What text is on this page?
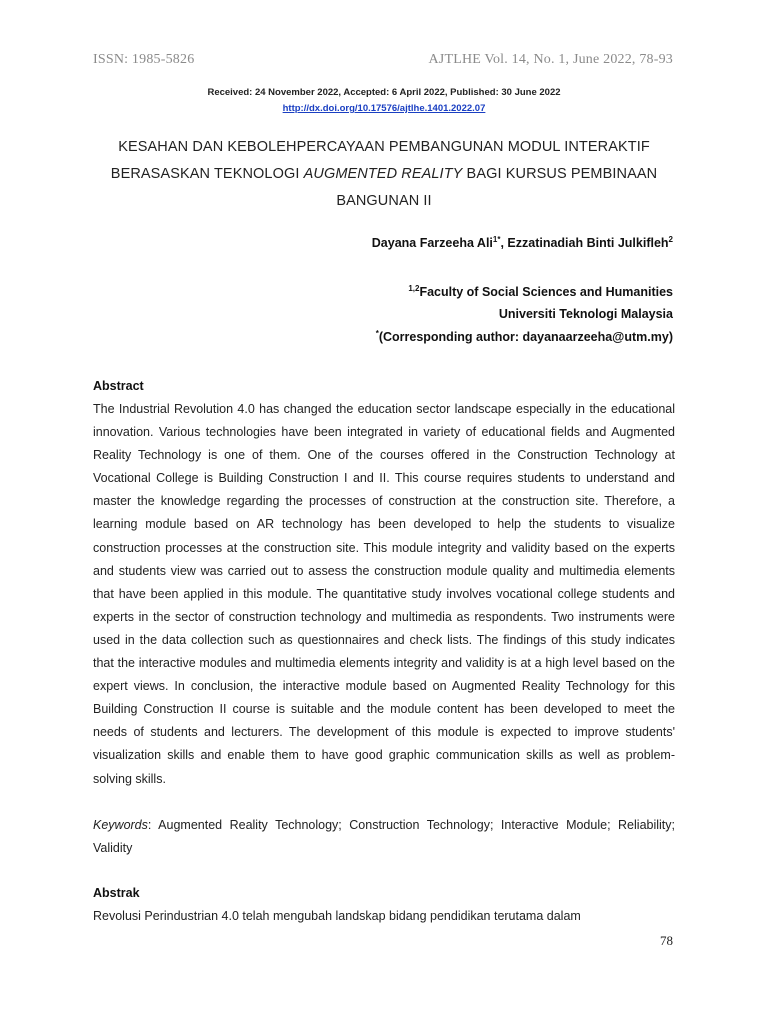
ISSN: 1985-5826	AJTLHE Vol. 14, No. 1, June 2022, 78-93
Received: 24 November 2022, Accepted: 6 April 2022, Published: 30 June 2022
http://dx.doi.org/10.17576/ajtlhe.1401.2022.07
KESAHAN DAN KEBOLEHPERCAYAAN PEMBANGUNAN MODUL INTERAKTIF BERASASKAN TEKNOLOGI AUGMENTED REALITY BAGI KURSUS PEMBINAAN BANGUNAN II
Dayana Farzeeha Ali$^{1*}$, Ezzatinadiah Binti Julkifleh$^2$
$^{1,2}$Faculty of Social Sciences and Humanities
Universiti Teknologi Malaysia
*(Corresponding author: dayanaarzeeha@utm.my)
Abstract

The Industrial Revolution 4.0 has changed the education sector landscape especially in the educational innovation. Various technologies have been integrated in variety of educational fields and Augmented Reality Technology is one of them. One of the courses offered in the Construction Technology at Vocational College is Building Construction I and II. This course requires students to understand and master the knowledge regarding the processes of construction at the construction site. Therefore, a learning module based on AR technology has been developed to help the students to visualize construction processes at the construction site. This module integrity and validity based on the experts and students view was carried out to assess the construction module quality and multimedia elements that have been applied in this module. The quantitative study involves vocational college students and experts in the sector of construction technology and multimedia as respondents. Two instruments were used in the data collection such as questionnaires and check lists. The findings of this study indicates that the interactive modules and multimedia elements integrity and validity is at a high level based on the expert views. In conclusion, the interactive module based on Augmented Reality Technology for this Building Construction II course is suitable and the module content has been developed to meet the needs of students and lecturers. The development of this module is expected to improve students' visualization skills and enable them to have good graphic communication skills as well as problem-solving skills.

Keywords: Augmented Reality Technology; Construction Technology; Interactive Module; Reliability; Validity

Abstrak

Revolusi Perindustrian 4.0 telah mengubah landskap bidang pendidikan terutama dalam

78
